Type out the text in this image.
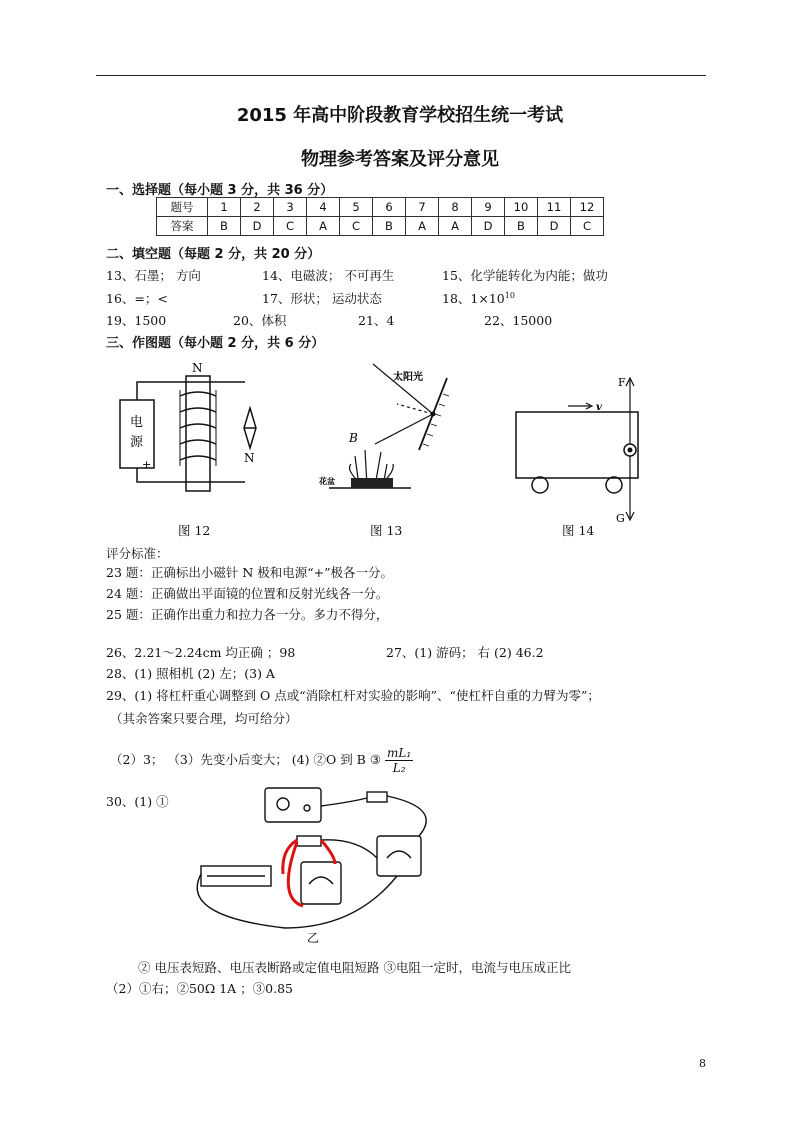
2015 年高中阶段教育学校招生统一考试
物理参考答案及评分意见
一、选择题（每小题 3 分，共 36 分）
题号	1	2	3	4	5	6	7	8	9	10	11	12
答案	B	D	C	A	C	B	A	A	D	B	D	C
二、填空题（每题 2 分，共 20 分）
13、石墨； 方向	14、电磁波； 不可再生	15、化学能转化为内能；做功
16、=；<	17、形状； 运动状态	18、$1\times 10^{10}$
19、1500	20、体积	21、4	22、15000
三、作图题（每小题 2 分，共 6 分）
N
N
电
源
+
图 12
太阳光
B
花盆
图 13
F
G
v
图 14
评分标准：
23 题：正确标出小磁针 N 极和电源“+”极各一分。
24 题：正确做出平面镜的位置和反射光线各一分。
25 题：正确作出重力和拉力各一分。多力不得分，
26、2.21～2.24cm 均正确 ；98	27、(1) 游码； 右 (2) 46.2
28、(1) 照相机 (2) 左；(3) A
29、(1) 将杠杆重心调整到 O 点或“消除杠杆对实验的影响”、“使杠杆自重的力臂为零”；
（其余答案只要合理，均可给分）
（2）3； （3）先变小后变大； (4) ②O 到 B ③ $\frac{\text{mL₁}}{\text{L₂}}$
30、(1) ①
乙
② 电压表短路、电压表断路或定值电阻短路 ③电阻一定时，电流与电压成正比
（2）①右；②50Ω 1A ；③0.85
8
